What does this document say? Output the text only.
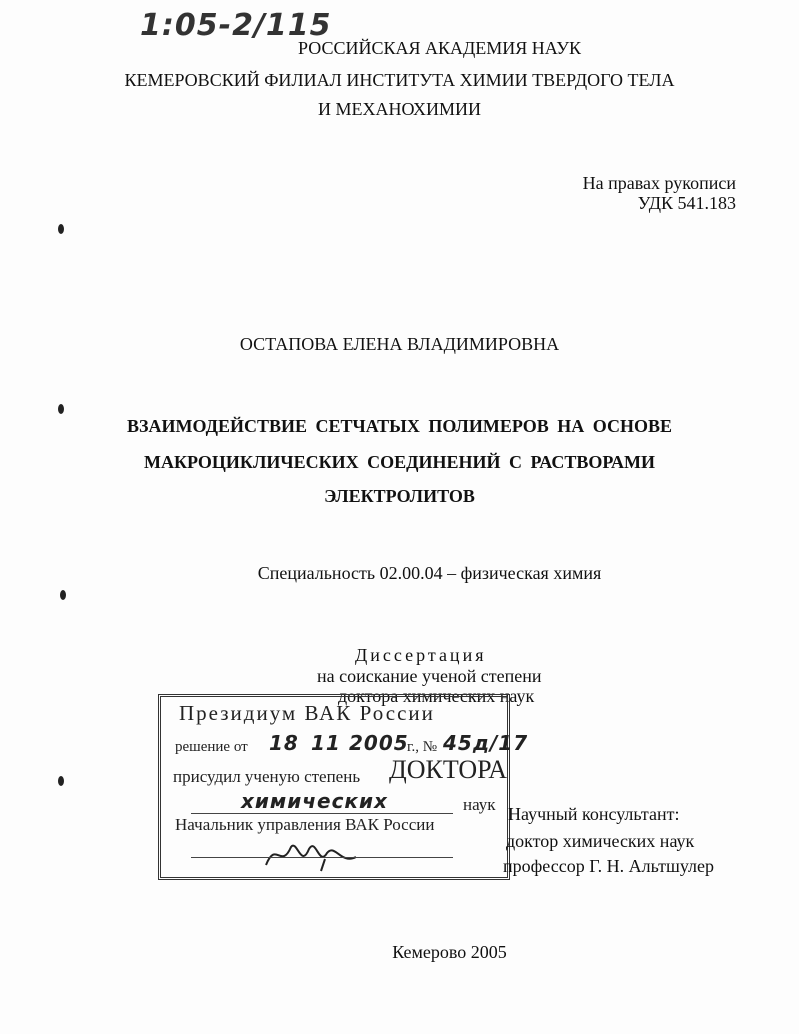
1:05-2/115
РОССИЙСКАЯ АКАДЕМИЯ НАУК
КЕМЕРОВСКИЙ ФИЛИАЛ ИНСТИТУТА ХИМИИ ТВЕРДОГО ТЕЛА
И МЕХАНОХИМИИ
На правах рукописи
УДК 541.183
ОСТАПОВА ЕЛЕНА ВЛАДИМИРОВНА
ВЗАИМОДЕЙСТВИЕ СЕТЧАТЫХ ПОЛИМЕРОВ НА ОСНОВЕ
МАКРОЦИКЛИЧЕСКИХ СОЕДИНЕНИЙ С РАСТВОРАМИ
ЭЛЕКТРОЛИТОВ
Специальность 02.00.04 – физическая химия
Диссертация
на соискание ученой степени
доктора химических наук
Президиум ВАК России
решение от 18 11 2005
г., № 45д/17
присудил ученую степень ДОКТОРА
химических	наук
Начальник управления ВАК России
Научный консультант:
доктор химических наук
профессор Г. Н. Альтшулер
Кемерово 2005
